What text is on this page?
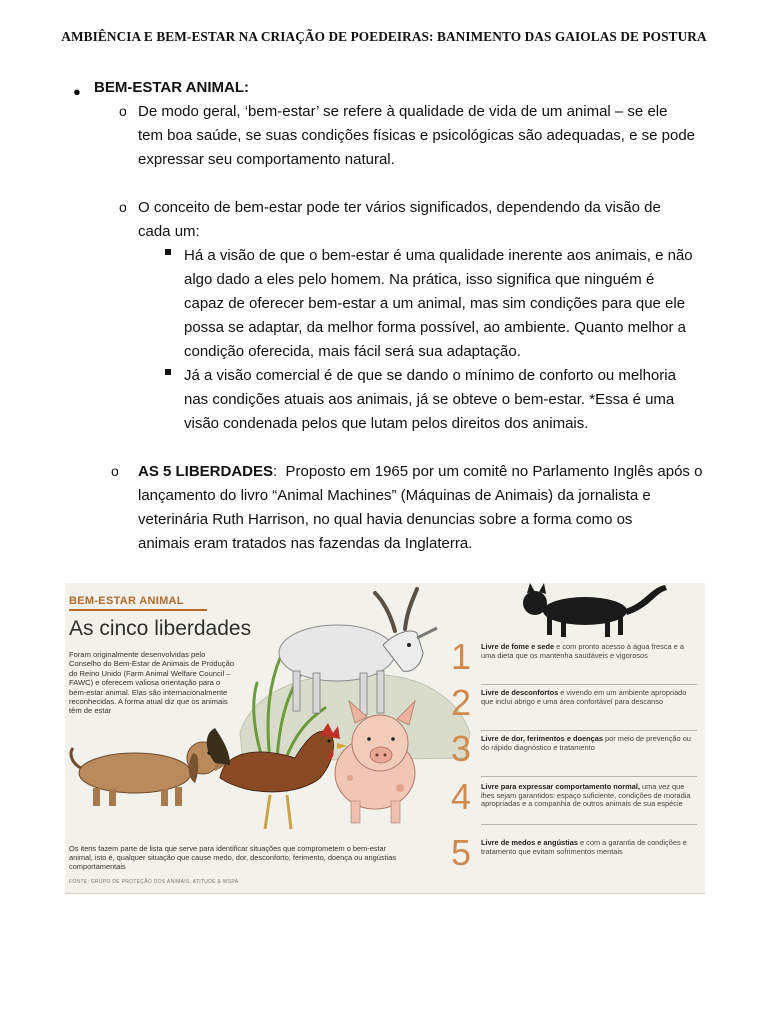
AMBIÊNCIA E BEM-ESTAR NA CRIAÇÃO DE POEDEIRAS: BANIMENTO DAS GAIOLAS DE POSTURA
● BEM-ESTAR ANIMAL:
o De modo geral, ‘bem-estar’ se refere à qualidade de vida de um animal – se ele
tem boa saúde, se suas condições físicas e psicológicas são adequadas, e se pode
expressar seu comportamento natural.
o O conceito de bem-estar pode ter vários significados, dependendo da visão de
cada um:
Há a visão de que o bem-estar é uma qualidade inerente aos animais, e não
algo dado a eles pelo homem. Na prática, isso significa que ninguém é
capaz de oferecer bem-estar a um animal, mas sim condições para que ele
possa se adaptar, da melhor forma possível, ao ambiente. Quanto melhor a
condição oferecida, mais fácil será sua adaptação.
Já a visão comercial é de que se dando o mínimo de conforto ou melhoria
nas condições atuais aos animais, já se obteve o bem-estar. *Essa é uma
visão condenada pelos que lutam pelos direitos dos animais.
o AS 5 LIBERDADES:  Proposto em 1965 por um comitê no Parlamento Inglês após o
lançamento do livro “Animal Machines” (Máquinas de Animais) da jornalista e
veterinária Ruth Harrison, no qual havia denuncias sobre a forma como os
animais eram tratados nas fazendas da Inglaterra.
BEM-ESTAR ANIMAL
As cinco liberdades
Foram originalmente desenvolvidas pelo Conselho do Bem-Estar de Animais de Produção do Reino Unido (Farm Animal Welfare Council – FAWC) e oferecem valiosa orientação para o bem-estar animal. Elas são internacionalmente reconhecidas. A forma atual diz que os animais têm de estar
1 Livre de fome e sede e com pronto acesso à água fresca e a uma dieta que os mantenha saudáveis e vigorosos
2 Livre de desconfortos e vivendo em um ambiente apropriado que inclui abrigo e uma área confortável para descanso
3 Livre de dor, ferimentos e doenças por meio de prevenção ou do rápido diagnóstico e tratamento
4 Livre para expressar comportamento normal, uma vez que lhes sejam garantidos: espaço suficiente, condições de moradia apropriadas e a companhia de outros animais de sua espécie
5 Livre de medos e angústias e com a garantia de condições e tratamento que evitam sofrimentos mentais
Os itens fazem parte de lista que serve para identificar situações que comprometem o bem-estar animal, isto é, qualquer situação que cause medo, dor, desconforto, ferimento, doença ou angústias comportamentais
FONTE: GRUPO DE PROTEÇÃO DOS ANIMAIS, ATITUDE & WSPA
